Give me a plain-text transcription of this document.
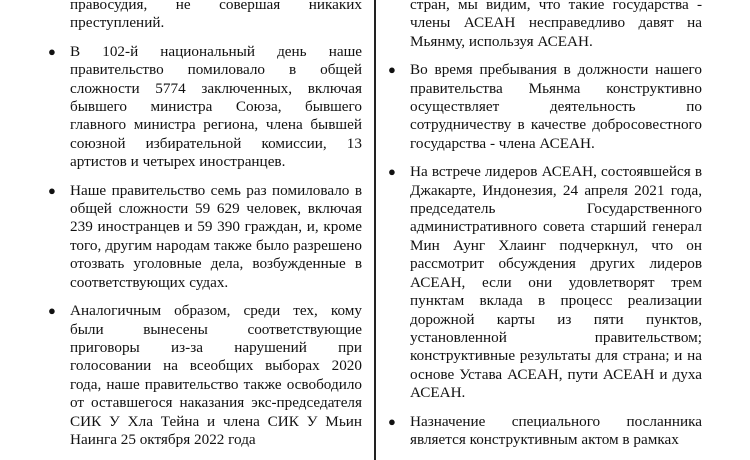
правосудия, не совершая никаких преступлений.

● В 102-й национальный день наше правительство помиловало в общей сложности 5774 заключенных, включая бывшего министра Союза, бывшего главного министра региона, члена бывшей союзной избирательной комиссии, 13 артистов и четырех иностранцев.
● Наше правительство семь раз помиловало в общей сложности 59 629 человек, включая 239 иностранцев и 59 390 граждан, и, кроме того, другим народам также было разрешено отозвать уголовные дела, возбужденные в соответствующих судах.
● Аналогичным образом, среди тех, кому были вынесены соответствующие приговоры из-за нарушений при голосовании на всеобщих выборах 2020 года, наше правительство также освободило от оставшегося наказания экс-председателя СИК У Хла Тейна и члена СИК У Мьин Наинга 25 октября 2022 года

стран, мы видим, что такие государства - члены АСЕАН несправедливо давят на Мьянму, используя АСЕАН.

● Во время пребывания в должности нашего правительства Мьянма конструктивно осуществляет деятельность по сотрудничеству в качестве добросовестного государства - члена АСЕАН.
● На встрече лидеров АСЕАН, состоявшейся в Джакарте, Индонезия, 24 апреля 2021 года, председатель Государственного административного совета старший генерал Мин Аунг Хлаинг подчеркнул, что он рассмотрит обсуждения других лидеров АСЕАН, если они удовлетворят трем пунктам вклада в процесс реализации дорожной карты из пяти пунктов, установленной правительством; конструктивные результаты для страна; и на основе Устава АСЕАН, пути АСЕАН и духа АСЕАН.
● Назначение специального посланника является конструктивным актом в рамках
